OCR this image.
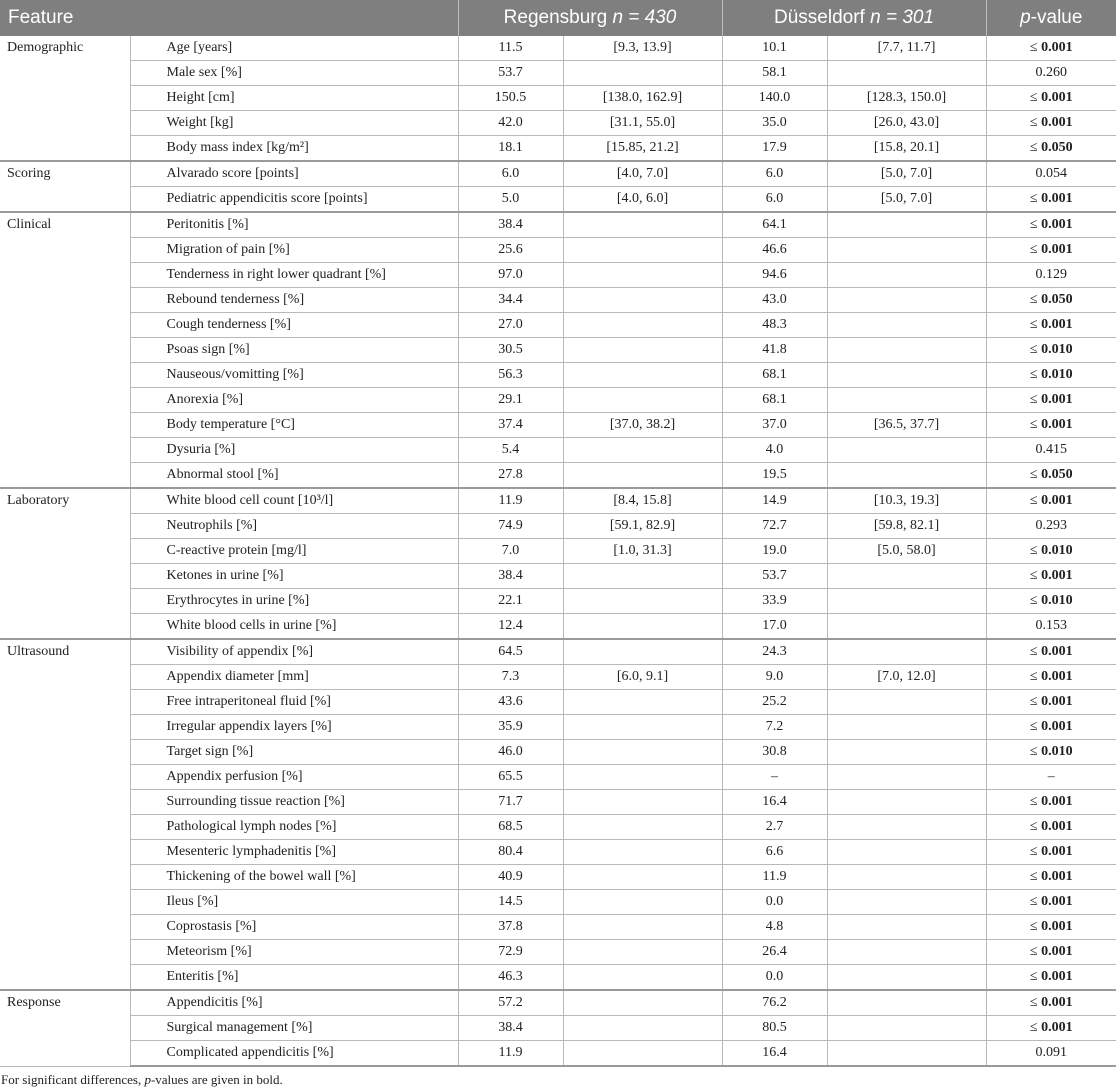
Feature		Regensburg n = 430		Düsseldorf n = 301		p-value
Demographic	Age [years]	11.5	[9.3, 13.9]	10.1	[7.7, 11.7]	≤ 0.001
	Male sex [%]	53.7		58.1		0.260
	Height [cm]	150.5	[138.0, 162.9]	140.0	[128.3, 150.0]	≤ 0.001
	Weight [kg]	42.0	[31.1, 55.0]	35.0	[26.0, 43.0]	≤ 0.001
	Body mass index [kg/m²]	18.1	[15.85, 21.2]	17.9	[15.8, 20.1]	≤ 0.050
Scoring	Alvarado score [points]	6.0	[4.0, 7.0]	6.0	[5.0, 7.0]	0.054
	Pediatric appendicitis score [points]	5.0	[4.0, 6.0]	6.0	[5.0, 7.0]	≤ 0.001
Clinical	Peritonitis [%]	38.4		64.1		≤ 0.001
	Migration of pain [%]	25.6		46.6		≤ 0.001
	Tenderness in right lower quadrant [%]	97.0		94.6		0.129
	Rebound tenderness [%]	34.4		43.0		≤ 0.050
	Cough tenderness [%]	27.0		48.3		≤ 0.001
	Psoas sign [%]	30.5		41.8		≤ 0.010
	Nauseous/vomitting [%]	56.3		68.1		≤ 0.010
	Anorexia [%]	29.1		68.1		≤ 0.001
	Body temperature [°C]	37.4	[37.0, 38.2]	37.0	[36.5, 37.7]	≤ 0.001
	Dysuria [%]	5.4		4.0		0.415
	Abnormal stool [%]	27.8		19.5		≤ 0.050
Laboratory	White blood cell count [10³/l]	11.9	[8.4, 15.8]	14.9	[10.3, 19.3]	≤ 0.001
	Neutrophils [%]	74.9	[59.1, 82.9]	72.7	[59.8, 82.1]	0.293
	C-reactive protein [mg/l]	7.0	[1.0, 31.3]	19.0	[5.0, 58.0]	≤ 0.010
	Ketones in urine [%]	38.4		53.7		≤ 0.001
	Erythrocytes in urine [%]	22.1		33.9		≤ 0.010
	White blood cells in urine [%]	12.4		17.0		0.153
Ultrasound	Visibility of appendix [%]	64.5		24.3		≤ 0.001
	Appendix diameter [mm]	7.3	[6.0, 9.1]	9.0	[7.0, 12.0]	≤ 0.001
	Free intraperitoneal fluid [%]	43.6		25.2		≤ 0.001
	Irregular appendix layers [%]	35.9		7.2		≤ 0.001
	Target sign [%]	46.0		30.8		≤ 0.010
	Appendix perfusion [%]	65.5		–		–
	Surrounding tissue reaction [%]	71.7		16.4		≤ 0.001
	Pathological lymph nodes [%]	68.5		2.7		≤ 0.001
	Mesenteric lymphadenitis [%]	80.4		6.6		≤ 0.001
	Thickening of the bowel wall [%]	40.9		11.9		≤ 0.001
	Ileus [%]	14.5		0.0		≤ 0.001
	Coprostasis [%]	37.8		4.8		≤ 0.001
	Meteorism [%]	72.9		26.4		≤ 0.001
	Enteritis [%]	46.3		0.0		≤ 0.001
Response	Appendicitis [%]	57.2		76.2		≤ 0.001
	Surgical management [%]	38.4		80.5		≤ 0.001
	Complicated appendicitis [%]	11.9		16.4		0.091
For significant differences, p-values are given in bold.
